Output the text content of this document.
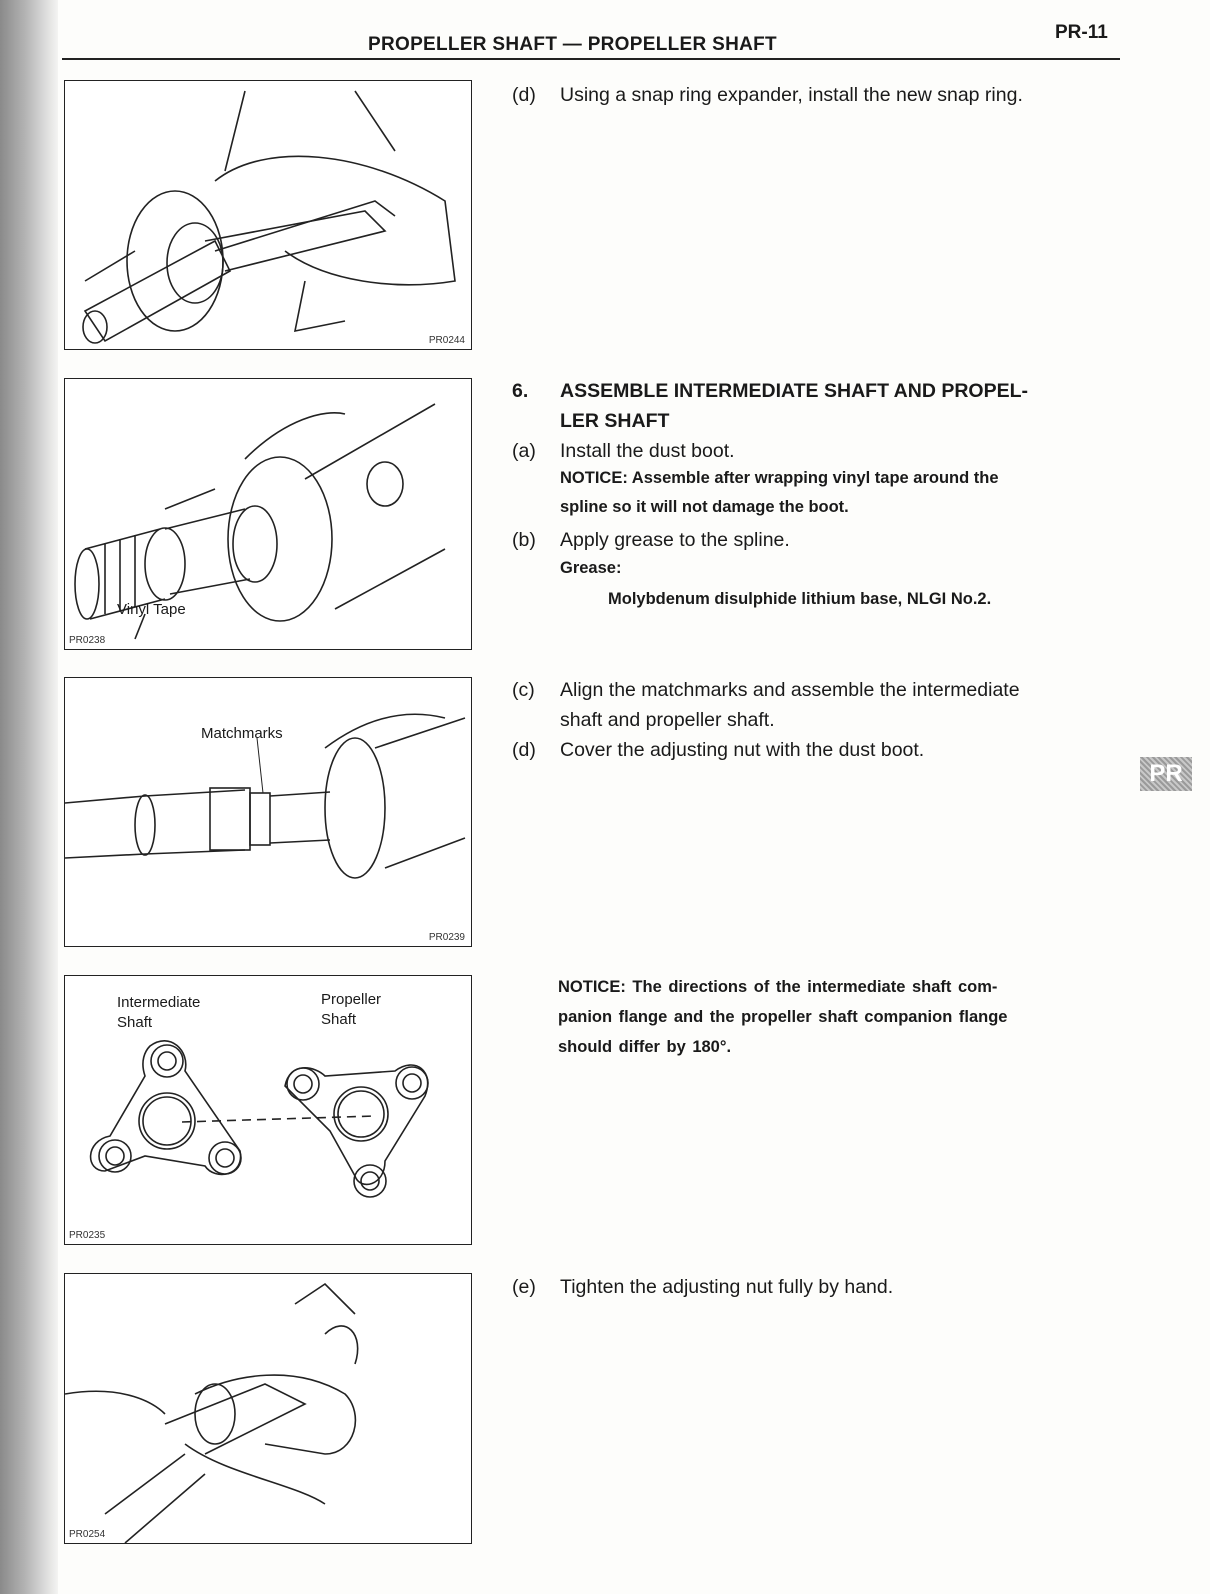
PROPELLER SHAFT — PROPELLER SHAFT
PR-11
PR0244
Vinyl Tape
PR0238
Matchmarks
PR0239
Intermediate
Shaft
Propeller
Shaft
PR0235
PR0254
(d) Using a snap ring expander, install the new snap ring.
6. ASSEMBLE INTERMEDIATE SHAFT AND PROPEL-
LER SHAFT
(a) Install the dust boot.
NOTICE: Assemble after wrapping vinyl tape around the
spline so it will not damage the boot.
(b) Apply grease to the spline.
Grease:
Molybdenum disulphide lithium base, NLGI No.2.
(c) Align the matchmarks and assemble the intermediate
shaft and propeller shaft.
(d) Cover the adjusting nut with the dust boot.
NOTICE: The directions of the intermediate shaft com-
panion flange and the propeller shaft companion flange
should differ by 180°.
(e) Tighten the adjusting nut fully by hand.
PR
